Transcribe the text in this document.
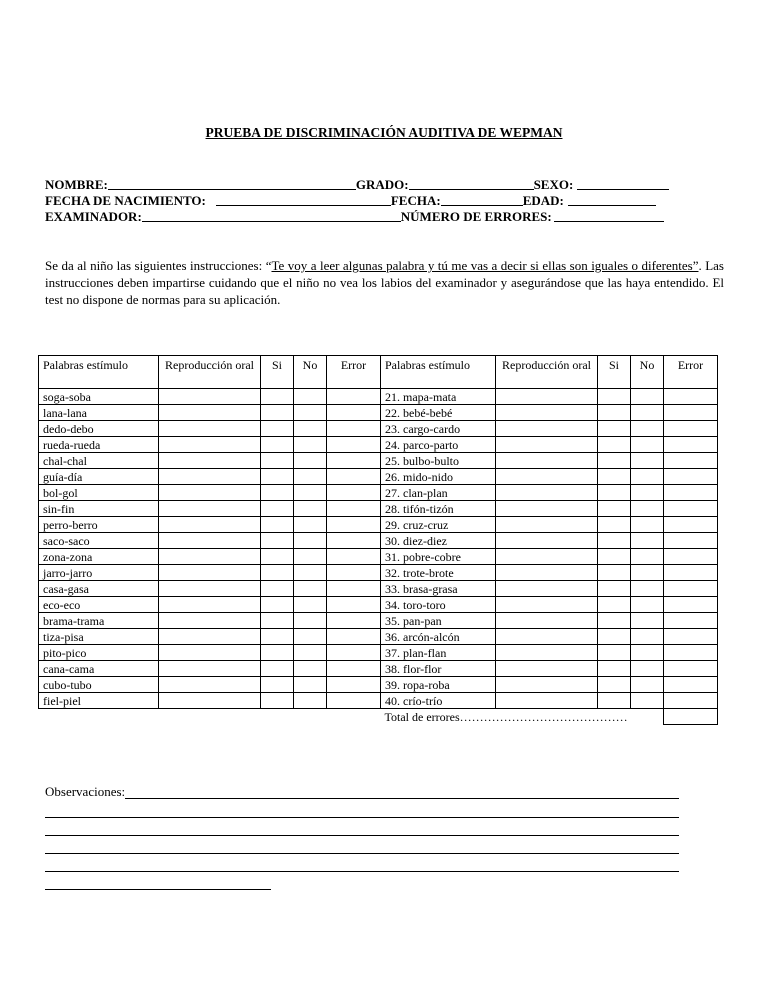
PRUEBA DE DISCRIMINACIÓN AUDITIVA DE WEPMAN
NOMBRE:	GRADO:	SEXO:
FECHA DE NACIMIENTO:	FECHA:	EDAD:
EXAMINADOR:	NÚMERO DE ERRORES:
Se da al niño las siguientes instrucciones: “Te voy a leer algunas palabra y tú me vas a decir si ellas son iguales o diferentes”. Las instrucciones deben impartirse cuidando que el niño no vea los labios del examinador y asegurándose que las haya entendido. El test no dispone de normas para su aplicación.
Palabras estímulo	Reproducción oral	Si	No	Error	Palabras estímulo	Reproducción oral	Si	No	Error
soga-soba					21. mapa-mata				
lana-lana					22. bebé-bebé				
dedo-debo					23. cargo-cardo				
rueda-rueda					24. parco-parto				
chal-chal					25. bulbo-bulto				
guía-día					26. mido-nido				
bol-gol					27. clan-plan				
sin-fin					28. tifón-tizón				
perro-berro					29. cruz-cruz				
saco-saco					30. diez-diez				
zona-zona					31. pobre-cobre				
jarro-jarro					32. trote-brote				
casa-gasa					33. brasa-grasa				
eco-eco					34. toro-toro				
brama-trama					35. pan-pan				
tiza-pisa					36. arcón-alcón				
pito-pico					37. plan-flan				
cana-cama					38. flor-flor				
cubo-tubo					39. ropa-roba				
fiel-piel					40. crío-trío				
					Total de errores……………………………………				
Observaciones:
